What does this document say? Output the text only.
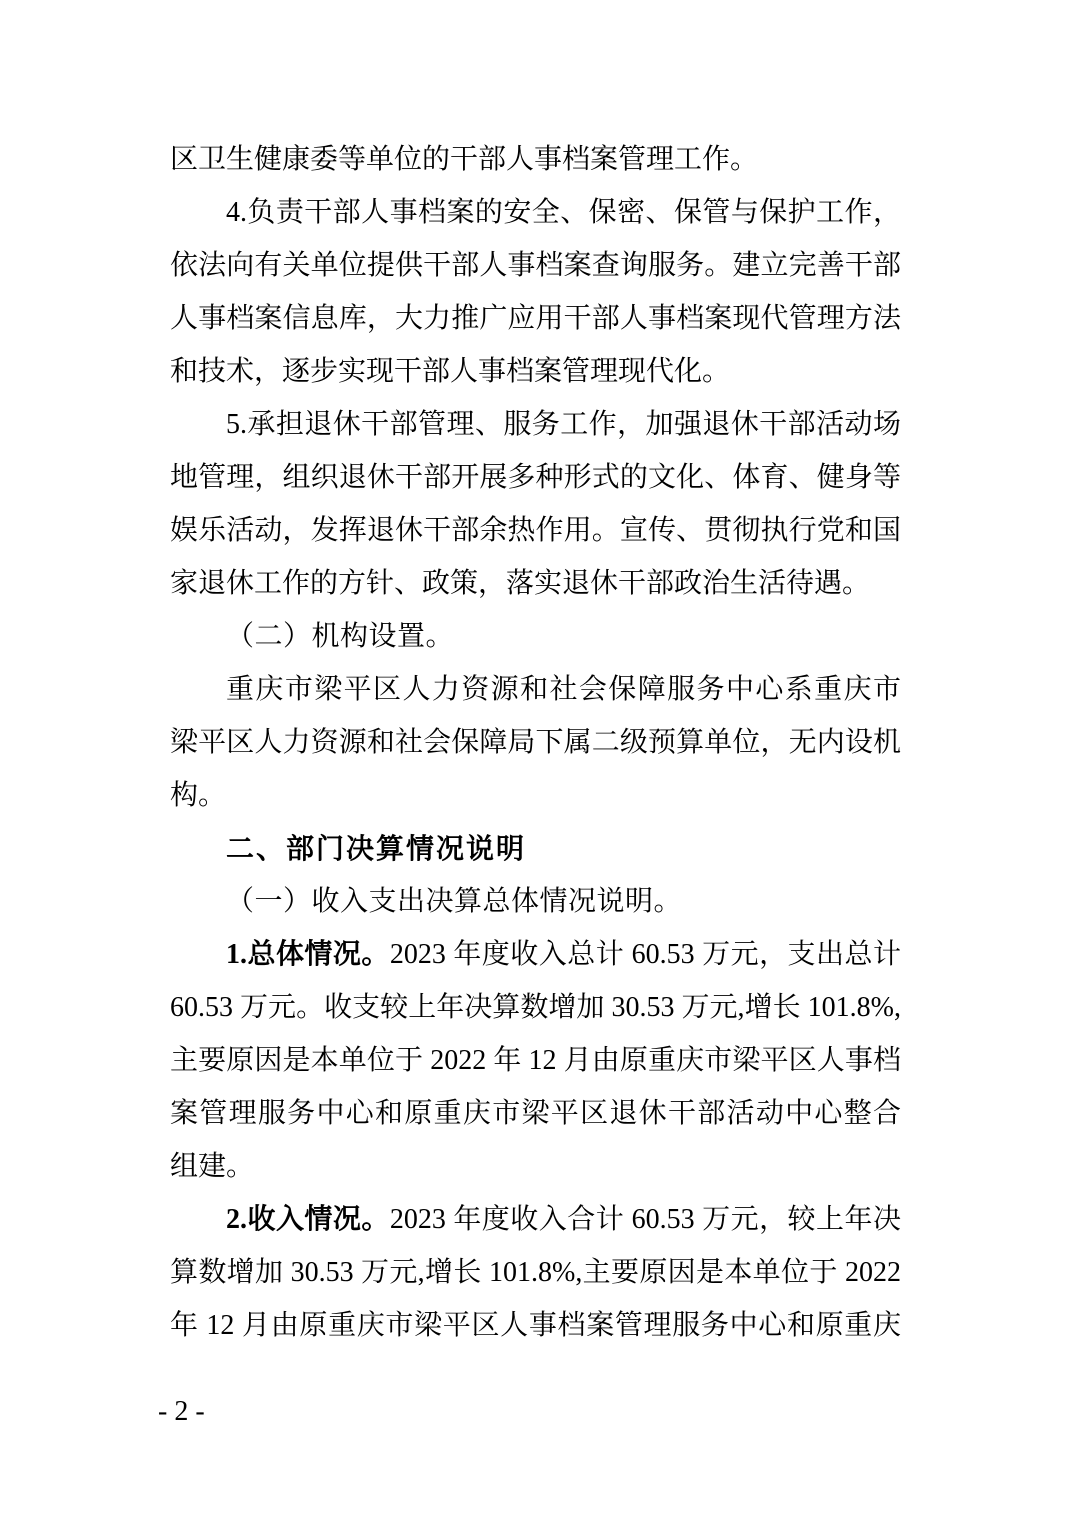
区卫生健康委等单位的干部人事档案管理工作。
4.负责干部人事档案的安全、保密、保管与保护工作，
依法向有关单位提供干部人事档案查询服务。建立完善干部
人事档案信息库，大力推广应用干部人事档案现代管理方法
和技术，逐步实现干部人事档案管理现代化。
5.承担退休干部管理、服务工作，加强退休干部活动场
地管理，组织退休干部开展多种形式的文化、体育、健身等
娱乐活动，发挥退休干部余热作用。宣传、贯彻执行党和国
家退休工作的方针、政策，落实退休干部政治生活待遇。
（二）机构设置。
重庆市梁平区人力资源和社会保障服务中心系重庆市
梁平区人力资源和社会保障局下属二级预算单位，无内设机
构。
二、部门决算情况说明
（一）收入支出决算总体情况说明。
1.总体情况。2023 年度收入总计 60.53 万元，支出总计
60.53 万元。收支较上年决算数增加 30.53 万元,增长 101.8%,
主要原因是本单位于 2022 年 12 月由原重庆市梁平区人事档
案管理服务中心和原重庆市梁平区退休干部活动中心整合
组建。
2.收入情况。2023 年度收入合计 60.53 万元，较上年决
算数增加 30.53 万元,增长 101.8%,主要原因是本单位于 2022
年 12 月由原重庆市梁平区人事档案管理服务中心和原重庆
- 2 -
